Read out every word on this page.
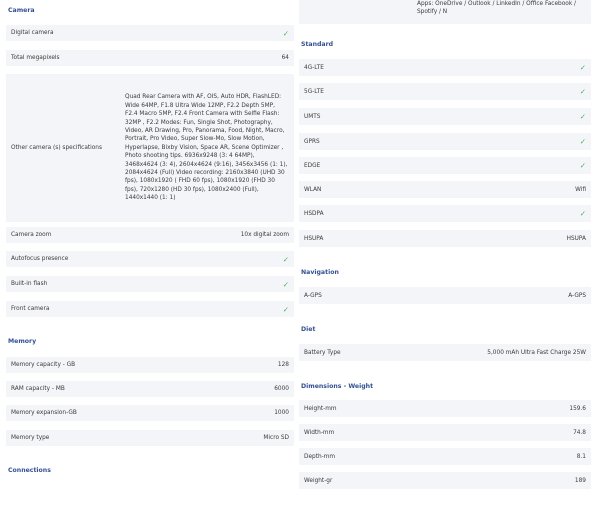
Camera
Digital camera	✓
Total megapixels	64
Other camera (s) specifications
Quad Rear Camera with AF, OIS, Auto HDR, FlashLED: Wide 64MP, F1.8 Ultra Wide 12MP, F2.2 Depth 5MP, F2.4 Macro 5MP, F2.4 Front Camera with Selfie Flash: 32MP , F2.2 Modes: Fun, Single Shot, Photography, Video, AR Drawing, Pro, Panorama, Food, Night, Macro, Portrait, Pro Video, Super Slow-Mo, Slow Motion, Hyperlapse, Bixby Vision, Space AR, Scene Optimizer , Photo shooting tips. 6936x9248 (3: 4 64MP), 3468x4624 (3: 4), 2604x4624 (9:16), 3456x3456 (1: 1), 2084x4624 (Full) Video recording: 2160x3840 (UHD 30 fps), 1080x1920 ( FHD 60 fps), 1080x1920 (FHD 30 fps), 720x1280 (HD 30 fps), 1080x2400 (Full), 1440x1440 (1: 1)
Camera zoom	10x digital zoom
Autofocus presence	✓
Built-in flash	✓
Front camera	✓
Memory
Memory capacity - GB	128
RAM capacity - MB	6000
Memory expansion-GB	1000
Memory type	Micro SD
Connections
Apps: OneDrive / Outlook / LinkedIn / Office Facebook / Spotify / N
Standard
4G-LTE	✓
5G-LTE	✓
UMTS	✓
GPRS	✓
EDGE	✓
WLAN	Wifi
HSDPA	✓
HSUPA	HSUPA
Navigation
A-GPS	A-GPS
Diet
Battery Type	5,000 mAh Ultra Fast Charge 25W
Dimensions - Weight
Height-mm	159.6
Width-mm	74.8
Depth-mm	8.1
Weight-gr	189
